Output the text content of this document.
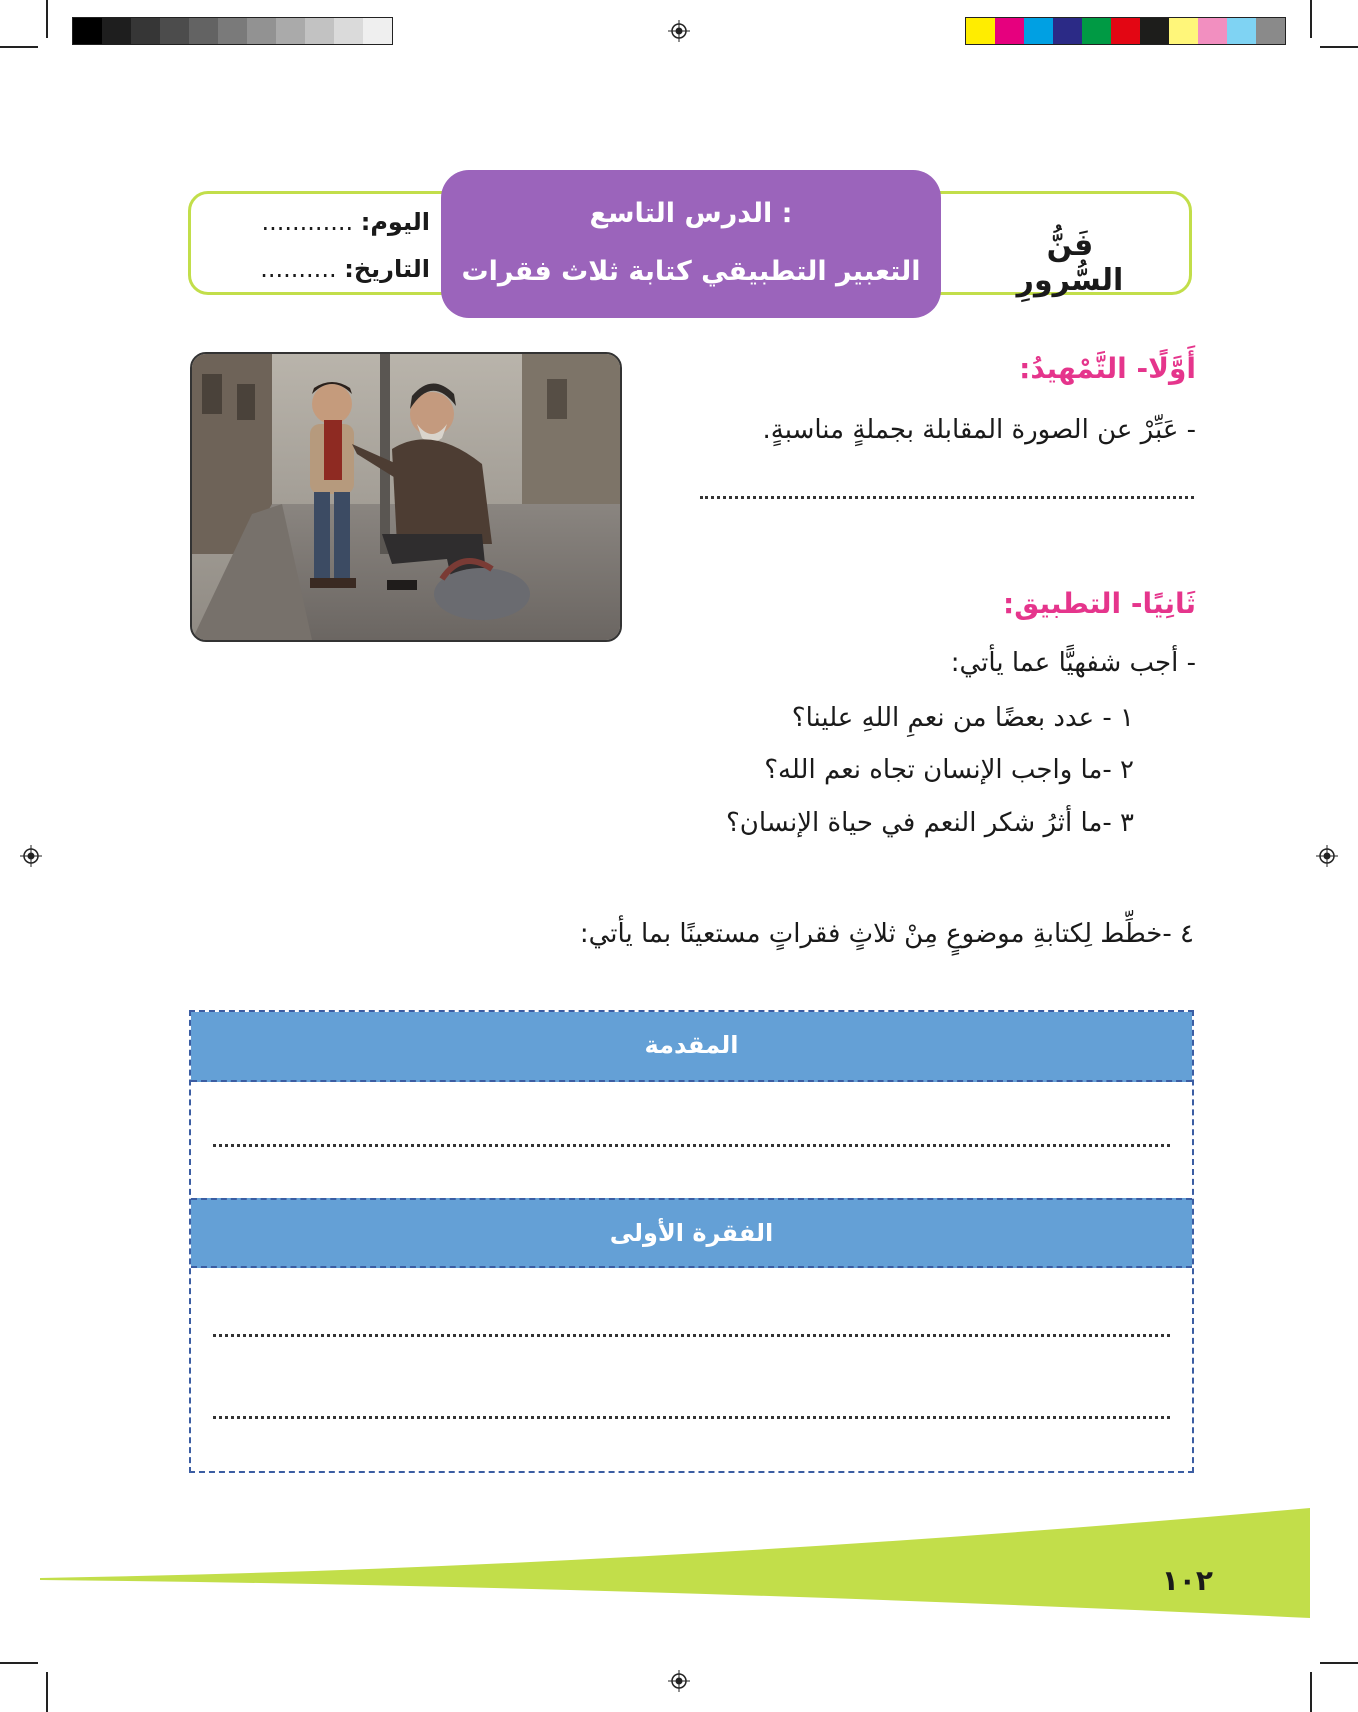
فَنُّ السُّرورِ
الدرس التاسع :
التعبير التطبيقي كتابة ثلاث فقرات
اليوم: ............
التاريخ: ..........
أَوَّلًا- التَّمْهيدُ:
- عَبِّرْ عن الصورة المقابلة بجملةٍ مناسبةٍ.
ثَانِيًا- التطبيق:
- أجب شفهيًّا عما يأتي:
١ - عدد بعضًا من نعمِ اللهِ علينا؟
٢ -ما واجب الإنسان تجاه نعم الله؟
٣ -ما أثرُ شكر النعم في حياة الإنسان؟
٤ -خطِّط لِكتابةِ موضوعٍ مِنْ ثلاثٍ فقراتٍ مستعينًا بما يأتي:
المقدمة
الفقرة الأولى
١٠٢
